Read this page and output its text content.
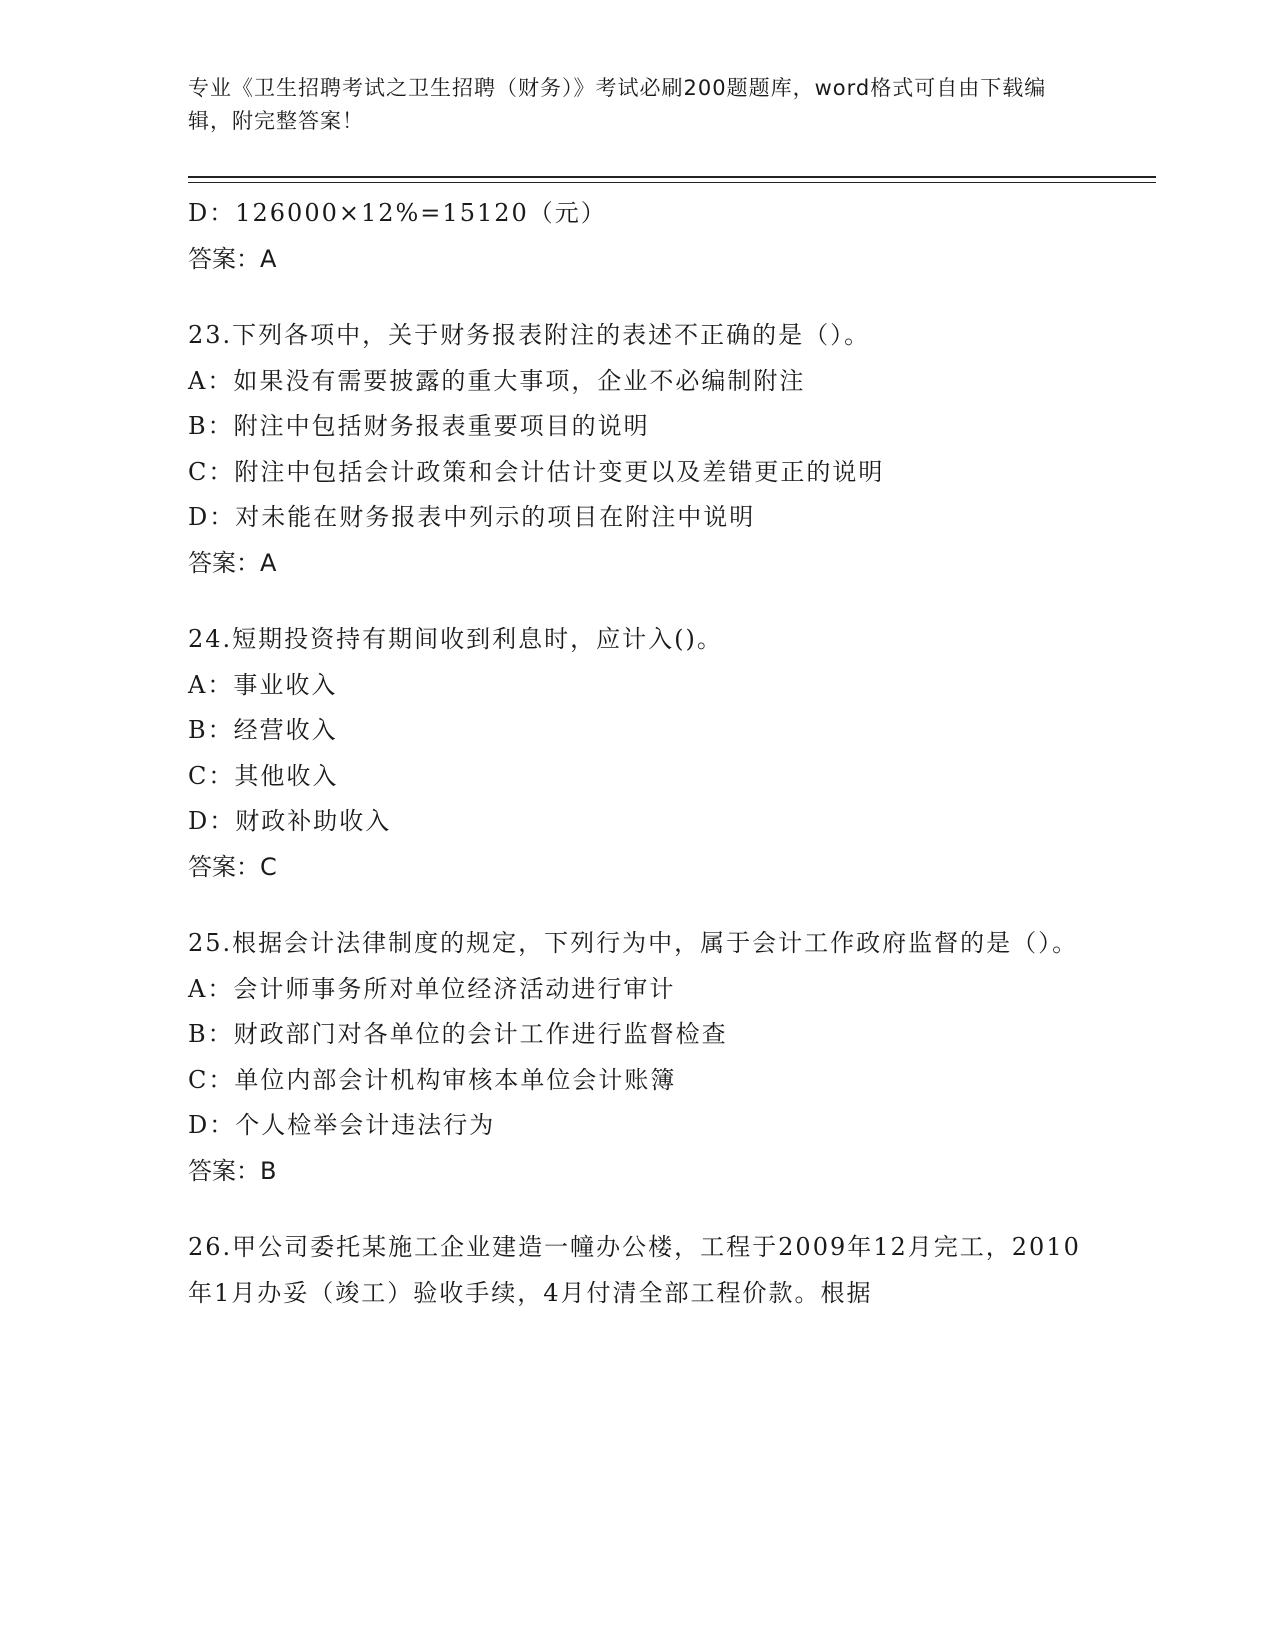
专业《卫生招聘考试之卫生招聘（财务）》考试必刷200题题库，word格式可自由下载编辑，附完整答案！
D：126000×12%=15120（元）
答案：A
23.下列各项中，关于财务报表附注的表述不正确的是（）。
A：如果没有需要披露的重大事项，企业不必编制附注
B：附注中包括财务报表重要项目的说明
C：附注中包括会计政策和会计估计变更以及差错更正的说明
D：对未能在财务报表中列示的项目在附注中说明
答案：A
24.短期投资持有期间收到利息时，应计入()。
A：事业收入
B：经营收入
C：其他收入
D：财政补助收入
答案：C
25.根据会计法律制度的规定，下列行为中，属于会计工作政府监督的是（）。
A：会计师事务所对单位经济活动进行审计
B：财政部门对各单位的会计工作进行监督检查
C：单位内部会计机构审核本单位会计账簿
D：个人检举会计违法行为
答案：B
26.甲公司委托某施工企业建造一幢办公楼，工程于2009年12月完工，2010年1月办妥（竣工）验收手续，4月付清全部工程价款。根据
